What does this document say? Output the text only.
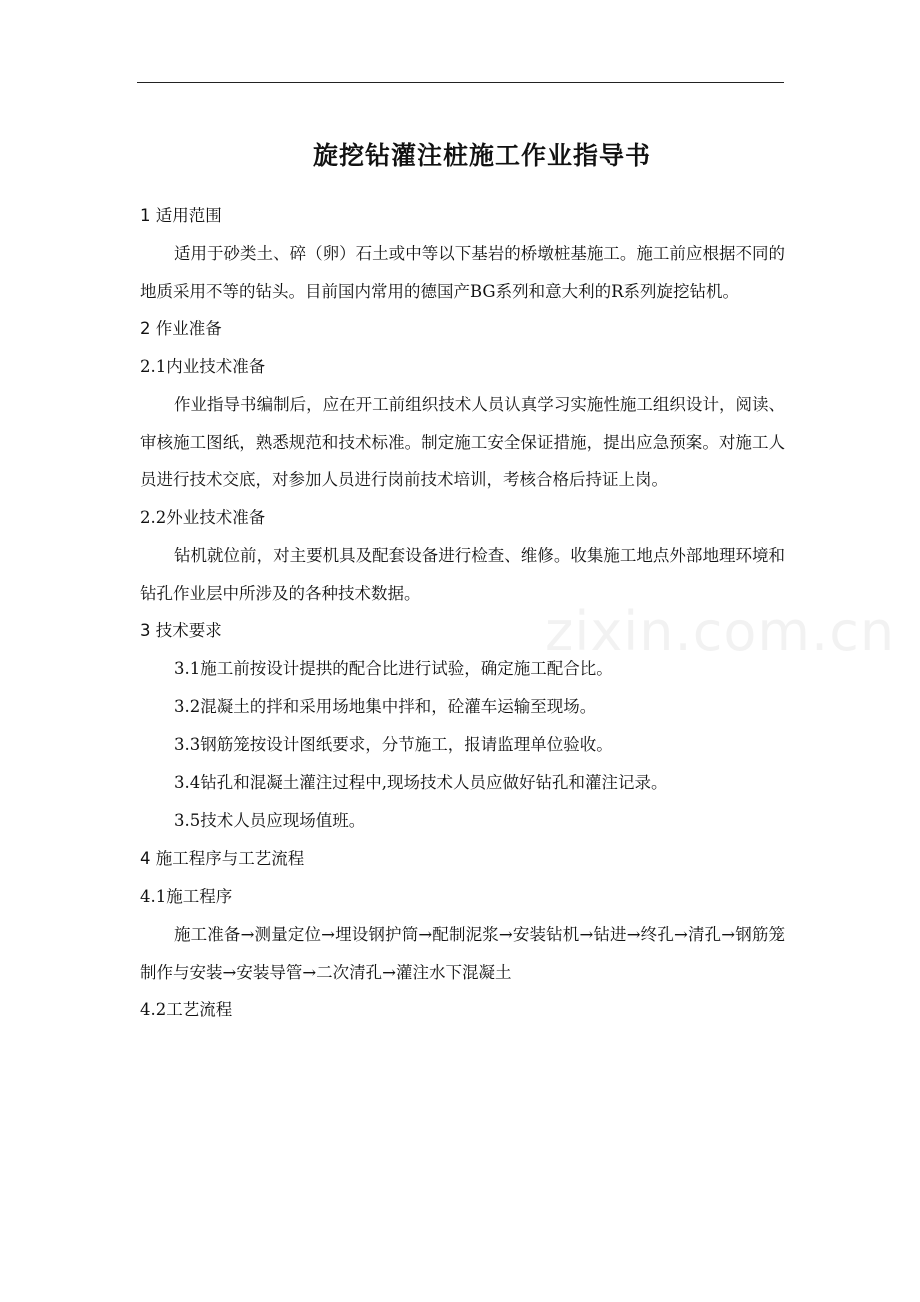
zixin.com.cn
旋挖钻灌注桩施工作业指导书
1 适用范围
适用于砂类土、碎（卵）石土或中等以下基岩的桥墩桩基施工。施工前应根据不同的地质采用不等的钻头。目前国内常用的德国产BG系列和意大利的R系列旋挖钻机。
2 作业准备
2.1内业技术准备
作业指导书编制后，应在开工前组织技术人员认真学习实施性施工组织设计，阅读、审核施工图纸，熟悉规范和技术标准。制定施工安全保证措施，提出应急预案。对施工人员进行技术交底，对参加人员进行岗前技术培训，考核合格后持证上岗。
2.2外业技术准备
钻机就位前，对主要机具及配套设备进行检查、维修。收集施工地点外部地理环境和钻孔作业层中所涉及的各种技术数据。
3 技术要求
3.1施工前按设计提拱的配合比进行试验，确定施工配合比。
3.2混凝土的拌和采用场地集中拌和，砼灌车运输至现场。
3.3钢筋笼按设计图纸要求，分节施工，报请监理单位验收。
3.4钻孔和混凝土灌注过程中,现场技术人员应做好钻孔和灌注记录。
3.5技术人员应现场值班。
4 施工程序与工艺流程
4.1施工程序
施工准备→测量定位→埋设钢护筒→配制泥浆→安装钻机→钻进→终孔→清孔→钢筋笼制作与安装→安装导管→二次清孔→灌注水下混凝土
4.2工艺流程
